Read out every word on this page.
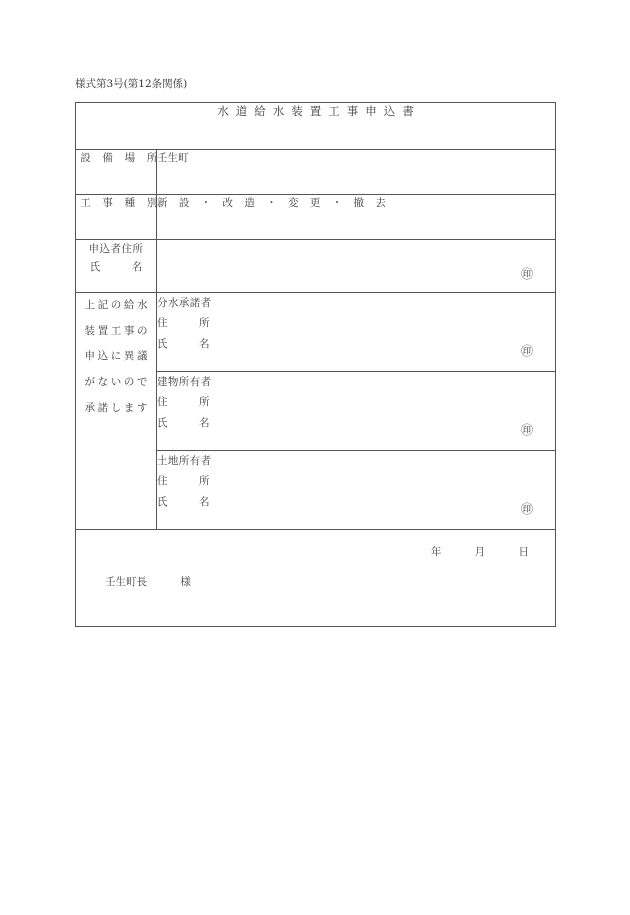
様式第3号(第12条関係)
水道給水装置工事申込書	

設 備 場 所	壬生町

工 事 種 別	新 設 ・ 改 造 ・ 変 更 ・ 撤 去

申込者住所
氏　　　名	㊞

上記の給水
装置工事の
申込に異議
がないので
承諾します	分水承諾者
住　　　所
氏　　　名
㊞

	建物所有者
住　　　所
氏　　　名
㊞

	土地所有者
住　　　所
氏　　　名
㊞

年 月 日
壬生町長 様	
